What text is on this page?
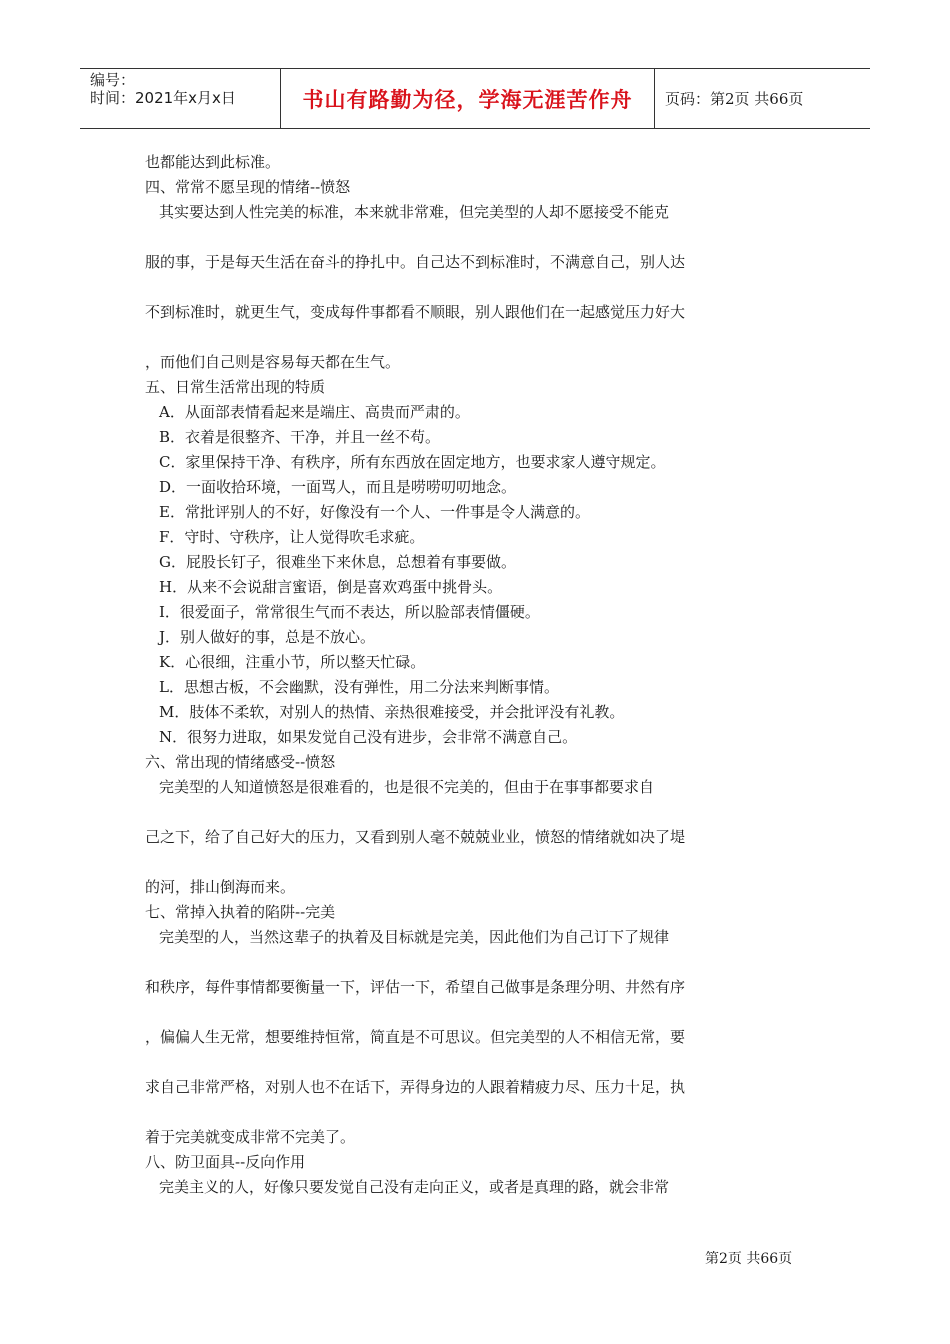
编号：
时间：2021年x月x日	书山有路勤为径，学海无涯苦作舟	页码：第2页 共66页
也都能达到此标准。
四、常常不愿呈现的情绪--愤怒
其实要达到人性完美的标准，本来就非常难，但完美型的人却不愿接受不能克
服的事，于是每天生活在奋斗的挣扎中。自己达不到标准时，不满意自己，别人达
不到标准时，就更生气，变成每件事都看不顺眼，别人跟他们在一起感觉压力好大
，而他们自己则是容易每天都在生气。
五、日常生活常出现的特质
A．从面部表情看起来是端庄、高贵而严肃的。
B．衣着是很整齐、干净，并且一丝不苟。
C．家里保持干净、有秩序，所有东西放在固定地方，也要求家人遵守规定。
D．一面收拾环境，一面骂人，而且是唠唠叨叨地念。
E．常批评别人的不好，好像没有一个人、一件事是令人满意的。
F．守时、守秩序，让人觉得吹毛求疵。
G．屁股长钉子，很难坐下来休息，总想着有事要做。
H．从来不会说甜言蜜语，倒是喜欢鸡蛋中挑骨头。
I．很爱面子，常常很生气而不表达，所以脸部表情僵硬。
J．别人做好的事，总是不放心。
K．心很细，注重小节，所以整天忙碌。
L．思想古板，不会幽默，没有弹性，用二分法来判断事情。
M．肢体不柔软，对别人的热情、亲热很难接受，并会批评没有礼教。
N．很努力进取，如果发觉自己没有进步，会非常不满意自己。
六、常出现的情绪感受--愤怒
完美型的人知道愤怒是很难看的，也是很不完美的，但由于在事事都要求自
己之下，给了自己好大的压力，又看到别人毫不兢兢业业，愤怒的情绪就如决了堤
的河，排山倒海而来。
七、常掉入执着的陷阱--完美
完美型的人，当然这辈子的执着及目标就是完美，因此他们为自己订下了规律
和秩序，每件事情都要衡量一下，评估一下，希望自己做事是条理分明、井然有序
，偏偏人生无常，想要维持恒常，简直是不可思议。但完美型的人不相信无常，要
求自己非常严格，对别人也不在话下，弄得身边的人跟着精疲力尽、压力十足，执
着于完美就变成非常不完美了。
八、防卫面具--反向作用
完美主义的人，好像只要发觉自己没有走向正义，或者是真理的路，就会非常
第2页 共66页
